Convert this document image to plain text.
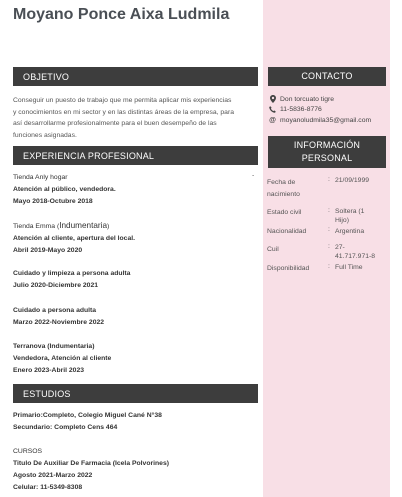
Moyano Ponce Aixa Ludmila
OBJETIVO
Conseguir un puesto de trabajo que me permita aplicar mis experiencias
y conocimientos en mi sector y en las distintas áreas de la empresa, para
así desarrollarme profesionalmente para el buen desempeño de las
funciones asignadas.
EXPERIENCIA PROFESIONAL
-
Tienda Anly hogar
Atención al público, vendedora.
Mayo 2018-Octubre 2018
Tienda Emma (Indumentaria)
Atención al cliente, apertura del local.
Abril 2019-Mayo 2020
Cuidado y limpieza a persona adulta
Julio 2020-Diciembre 2021
Cuidado a persona adulta
Marzo 2022-Noviembre 2022
Terranova (Indumentaria)
Vendedora, Atención al cliente
Enero 2023-Abril 2023
ESTUDIOS
Primario:Completo, Colegio Miguel Cané N°38
Secundario: Completo Cens 464
CURSOS
Titulo De Auxiliar De Farmacia (Icela Polvorines)
Agosto 2021-Marzo 2022
Celular: 11-5349-8308
CONTACTO
Don torcuato tigre
11-5836-8776
@ moyanoludmila35@gmail.com
INFORMACIÓN
PERSONAL
Fecha de
nacimiento
: 21/09/1999
Estado civil	: Soltera (1
Hijo)
Nacionalidad	: Argentina
Cuil	: 27-
41.717.971-8
Disponibilidad	: Full Time
